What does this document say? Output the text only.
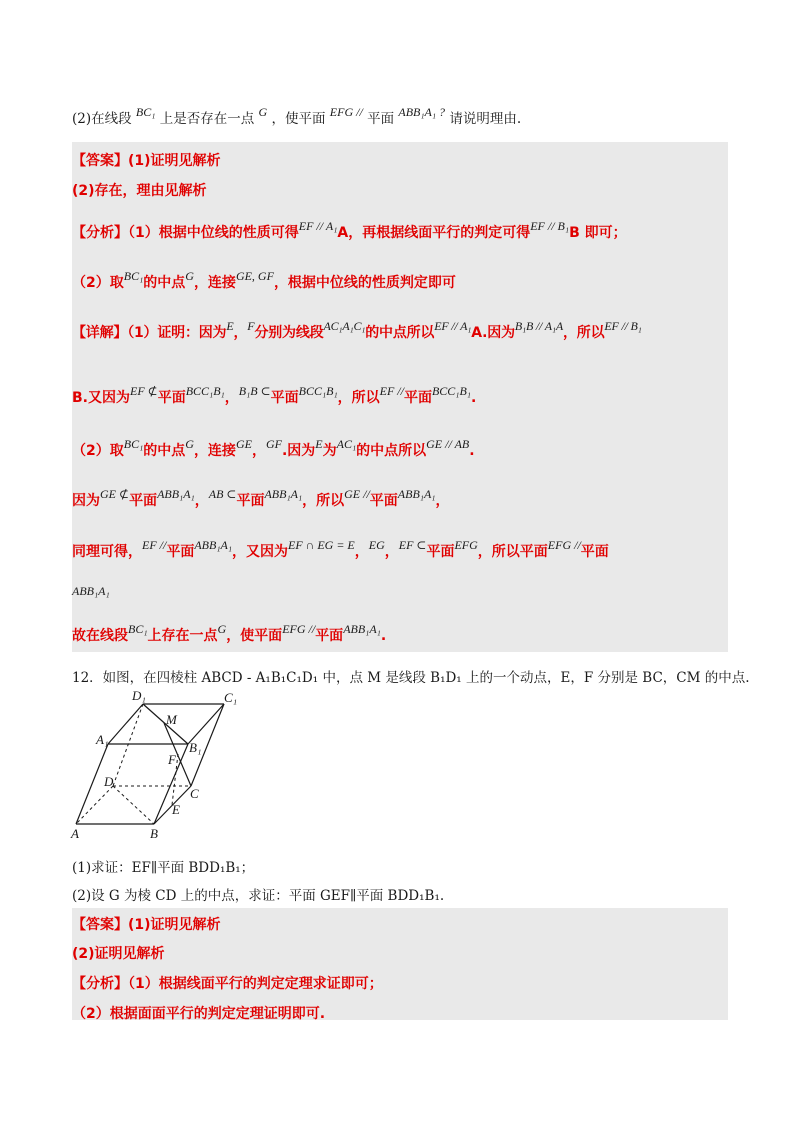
(2)在线段 BC₁ 上是否存在一点 G ，使平面 EFG // 平面 ABB₁A₁ ? 请说明理由.
【答案】(1)证明见解析
(2)存在，理由见解析
【分析】（1）根据中位线的性质可得EF // A₁A，再根据线面平行的判定可得EF // B₁B 即可；
（2）取BC₁的中点G，连接GE, GF，根据中位线的性质判定即可
【详解】（1）证明：因为E，F分别为线段AC₁A₁C₁的中点所以EF // A₁A.因为B₁B // A₁A，所以EF // B₁
B.又因为EF ⊄平面BCC₁B₁，B₁B ⊂平面BCC₁B₁，所以EF //平面BCC₁B₁.
（2）取BC₁的中点G，连接GE，GF.因为E为AC₁的中点所以GE // AB.
因为GE ⊄平面ABB₁A₁，AB ⊂平面ABB₁A₁，所以GE //平面ABB₁A₁，
同理可得，EF //平面ABB₁A₁，又因为EF ∩ EG = E，EG，EF ⊂平面EFG，所以平面EFG //平面
ABB₁A₁
故在线段BC₁上存在一点G，使平面EFG //平面ABB₁A₁.
12．如图，在四棱柱 ABCD - A₁B₁C₁D₁ 中，点 M 是线段 B₁D₁ 上的一个动点，E，F 分别是 BC，CM 的中点.
D₁	C₁
M
A₁
B₁
F
D
C
E
A	B
(1)求证：EF∥平面 BDD₁B₁；
(2)设 G 为棱 CD 上的中点，求证：平面 GEF∥平面 BDD₁B₁.
【答案】(1)证明见解析
(2)证明见解析
【分析】（1）根据线面平行的判定定理求证即可；
（2）根据面面平行的判定定理证明即可.
